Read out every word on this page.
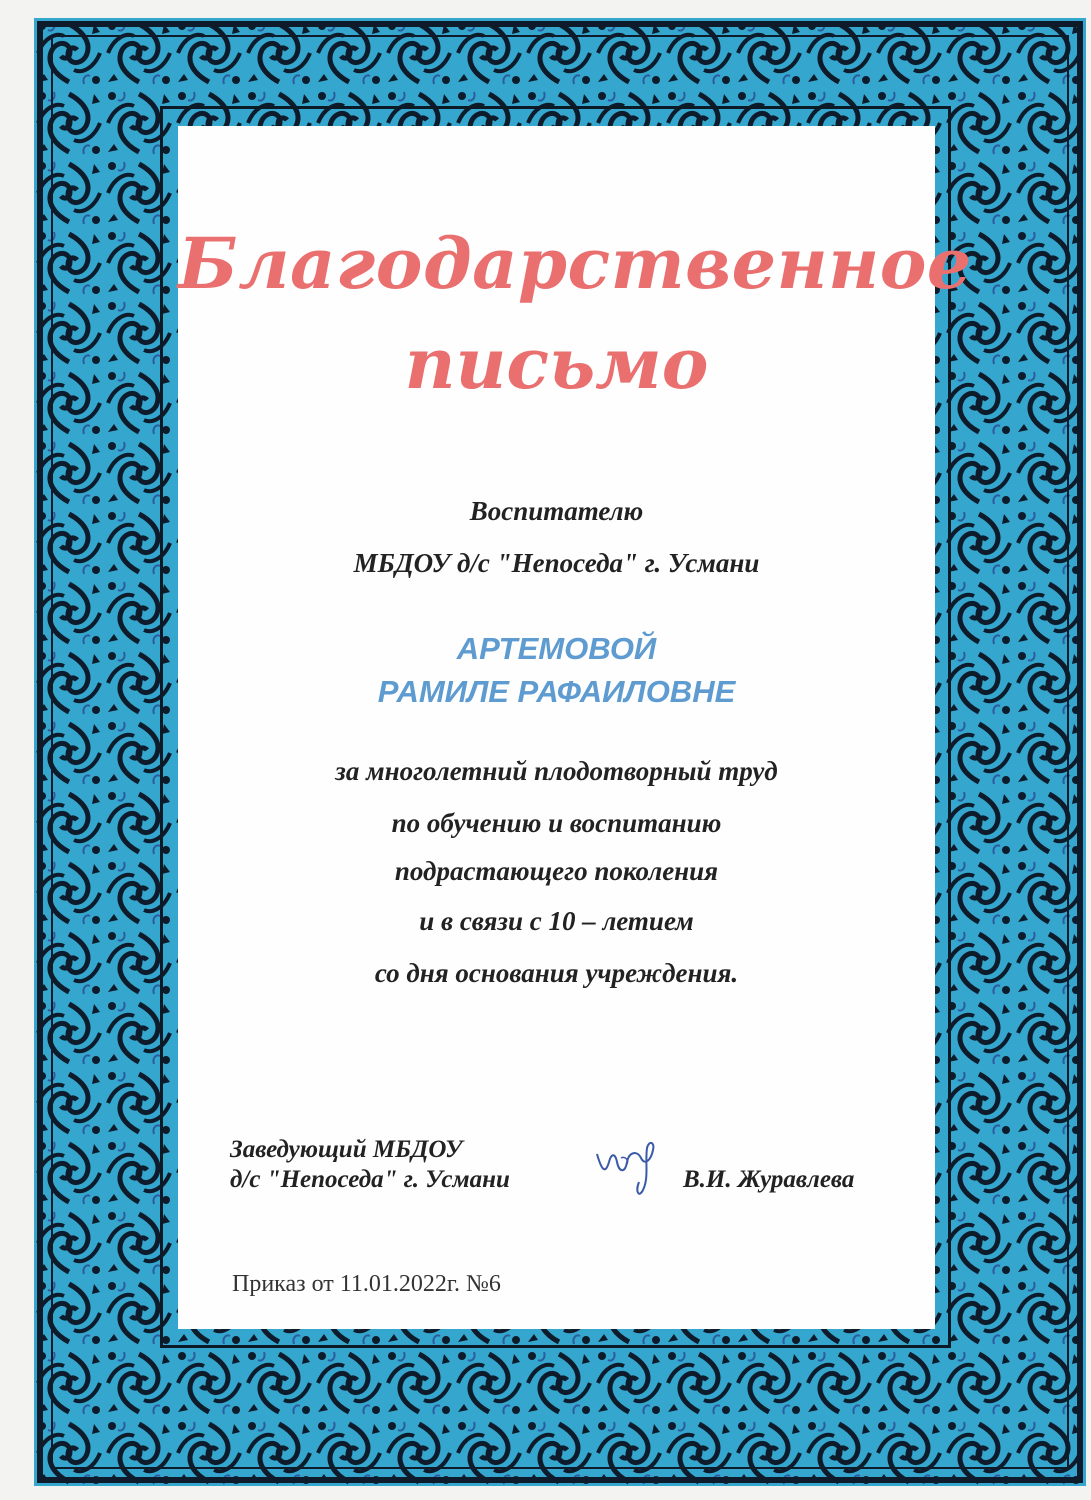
Благодарственное
письмо
Воспитателю
МБДОУ д/с "Непоседа" г. Усмани
АРТЕМОВОЙ
РАМИЛЕ РАФАИЛОВНЕ
за многолетний плодотворный труд
по обучению и воспитанию
подрастающего поколения
и в связи с 10 – летием
со дня основания учреждения.
Заведующий МБДОУ
д/с "Непоседа" г. Усмани	В.И. Журавлева
Приказ от 11.01.2022г. №6
